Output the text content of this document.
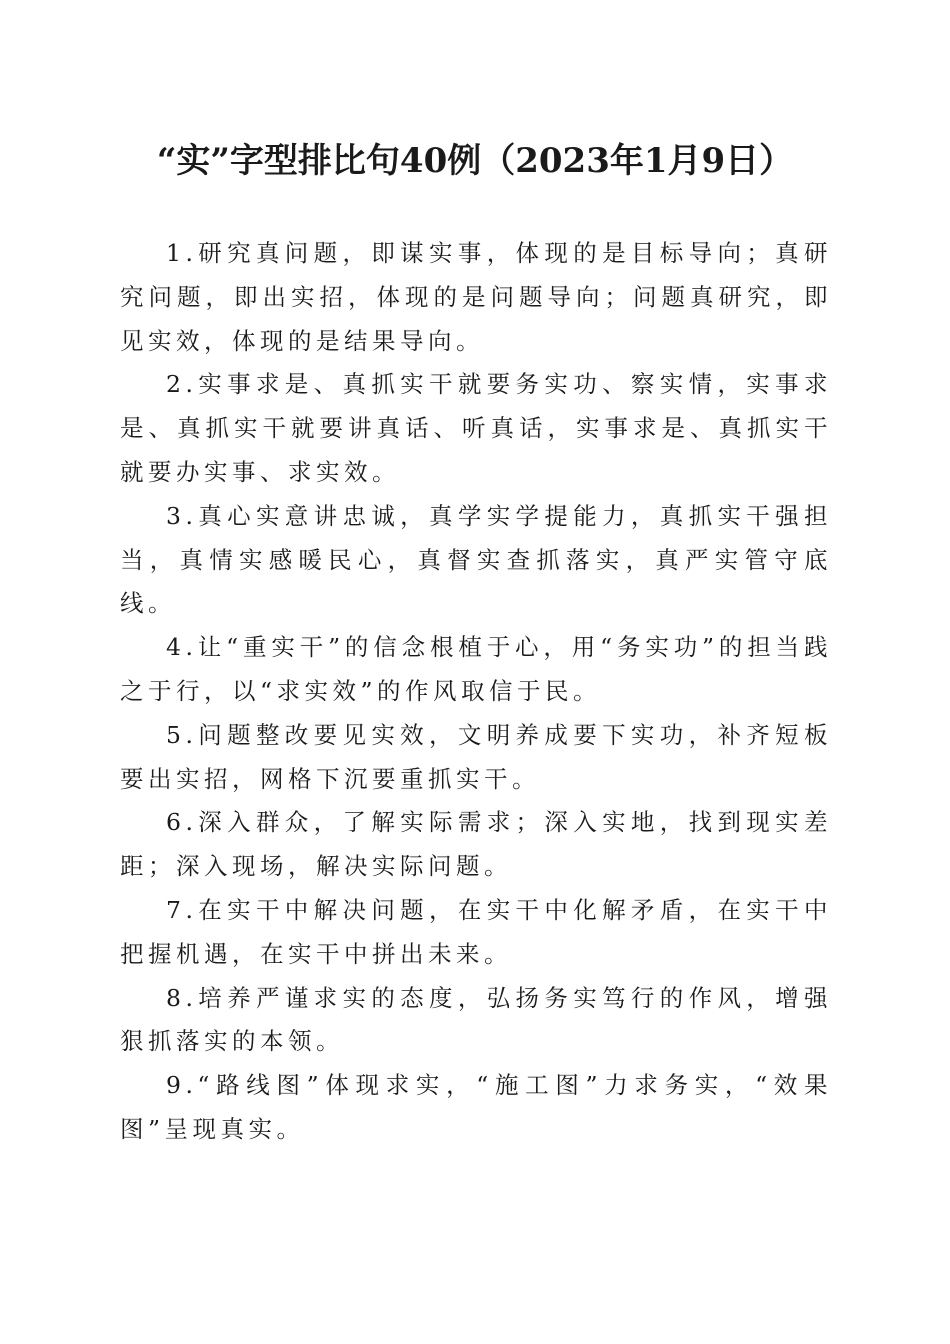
“实”字型排比句40例（2023年1月9日）

1.研究真问题，即谋实事，体现的是目标导向；真研究问题，即出实招，体现的是问题导向；问题真研究，即见实效，体现的是结果导向。

2.实事求是、真抓实干就要务实功、察实情，实事求是、真抓实干就要讲真话、听真话，实事求是、真抓实干就要办实事、求实效。

3.真心实意讲忠诚，真学实学提能力，真抓实干强担当，真情实感暖民心，真督实查抓落实，真严实管守底线。

4.让“重实干”的信念根植于心，用“务实功”的担当践之于行，以“求实效”的作风取信于民。

5.问题整改要见实效，文明养成要下实功，补齐短板要出实招，网格下沉要重抓实干。

6.深入群众，了解实际需求；深入实地，找到现实差距；深入现场，解决实际问题。

7.在实干中解决问题，在实干中化解矛盾，在实干中把握机遇，在实干中拼出未来。

8.培养严谨求实的态度，弘扬务实笃行的作风，增强狠抓落实的本领。

9.“路线图”体现求实，“施工图”力求务实，“效果图”呈现真实。
